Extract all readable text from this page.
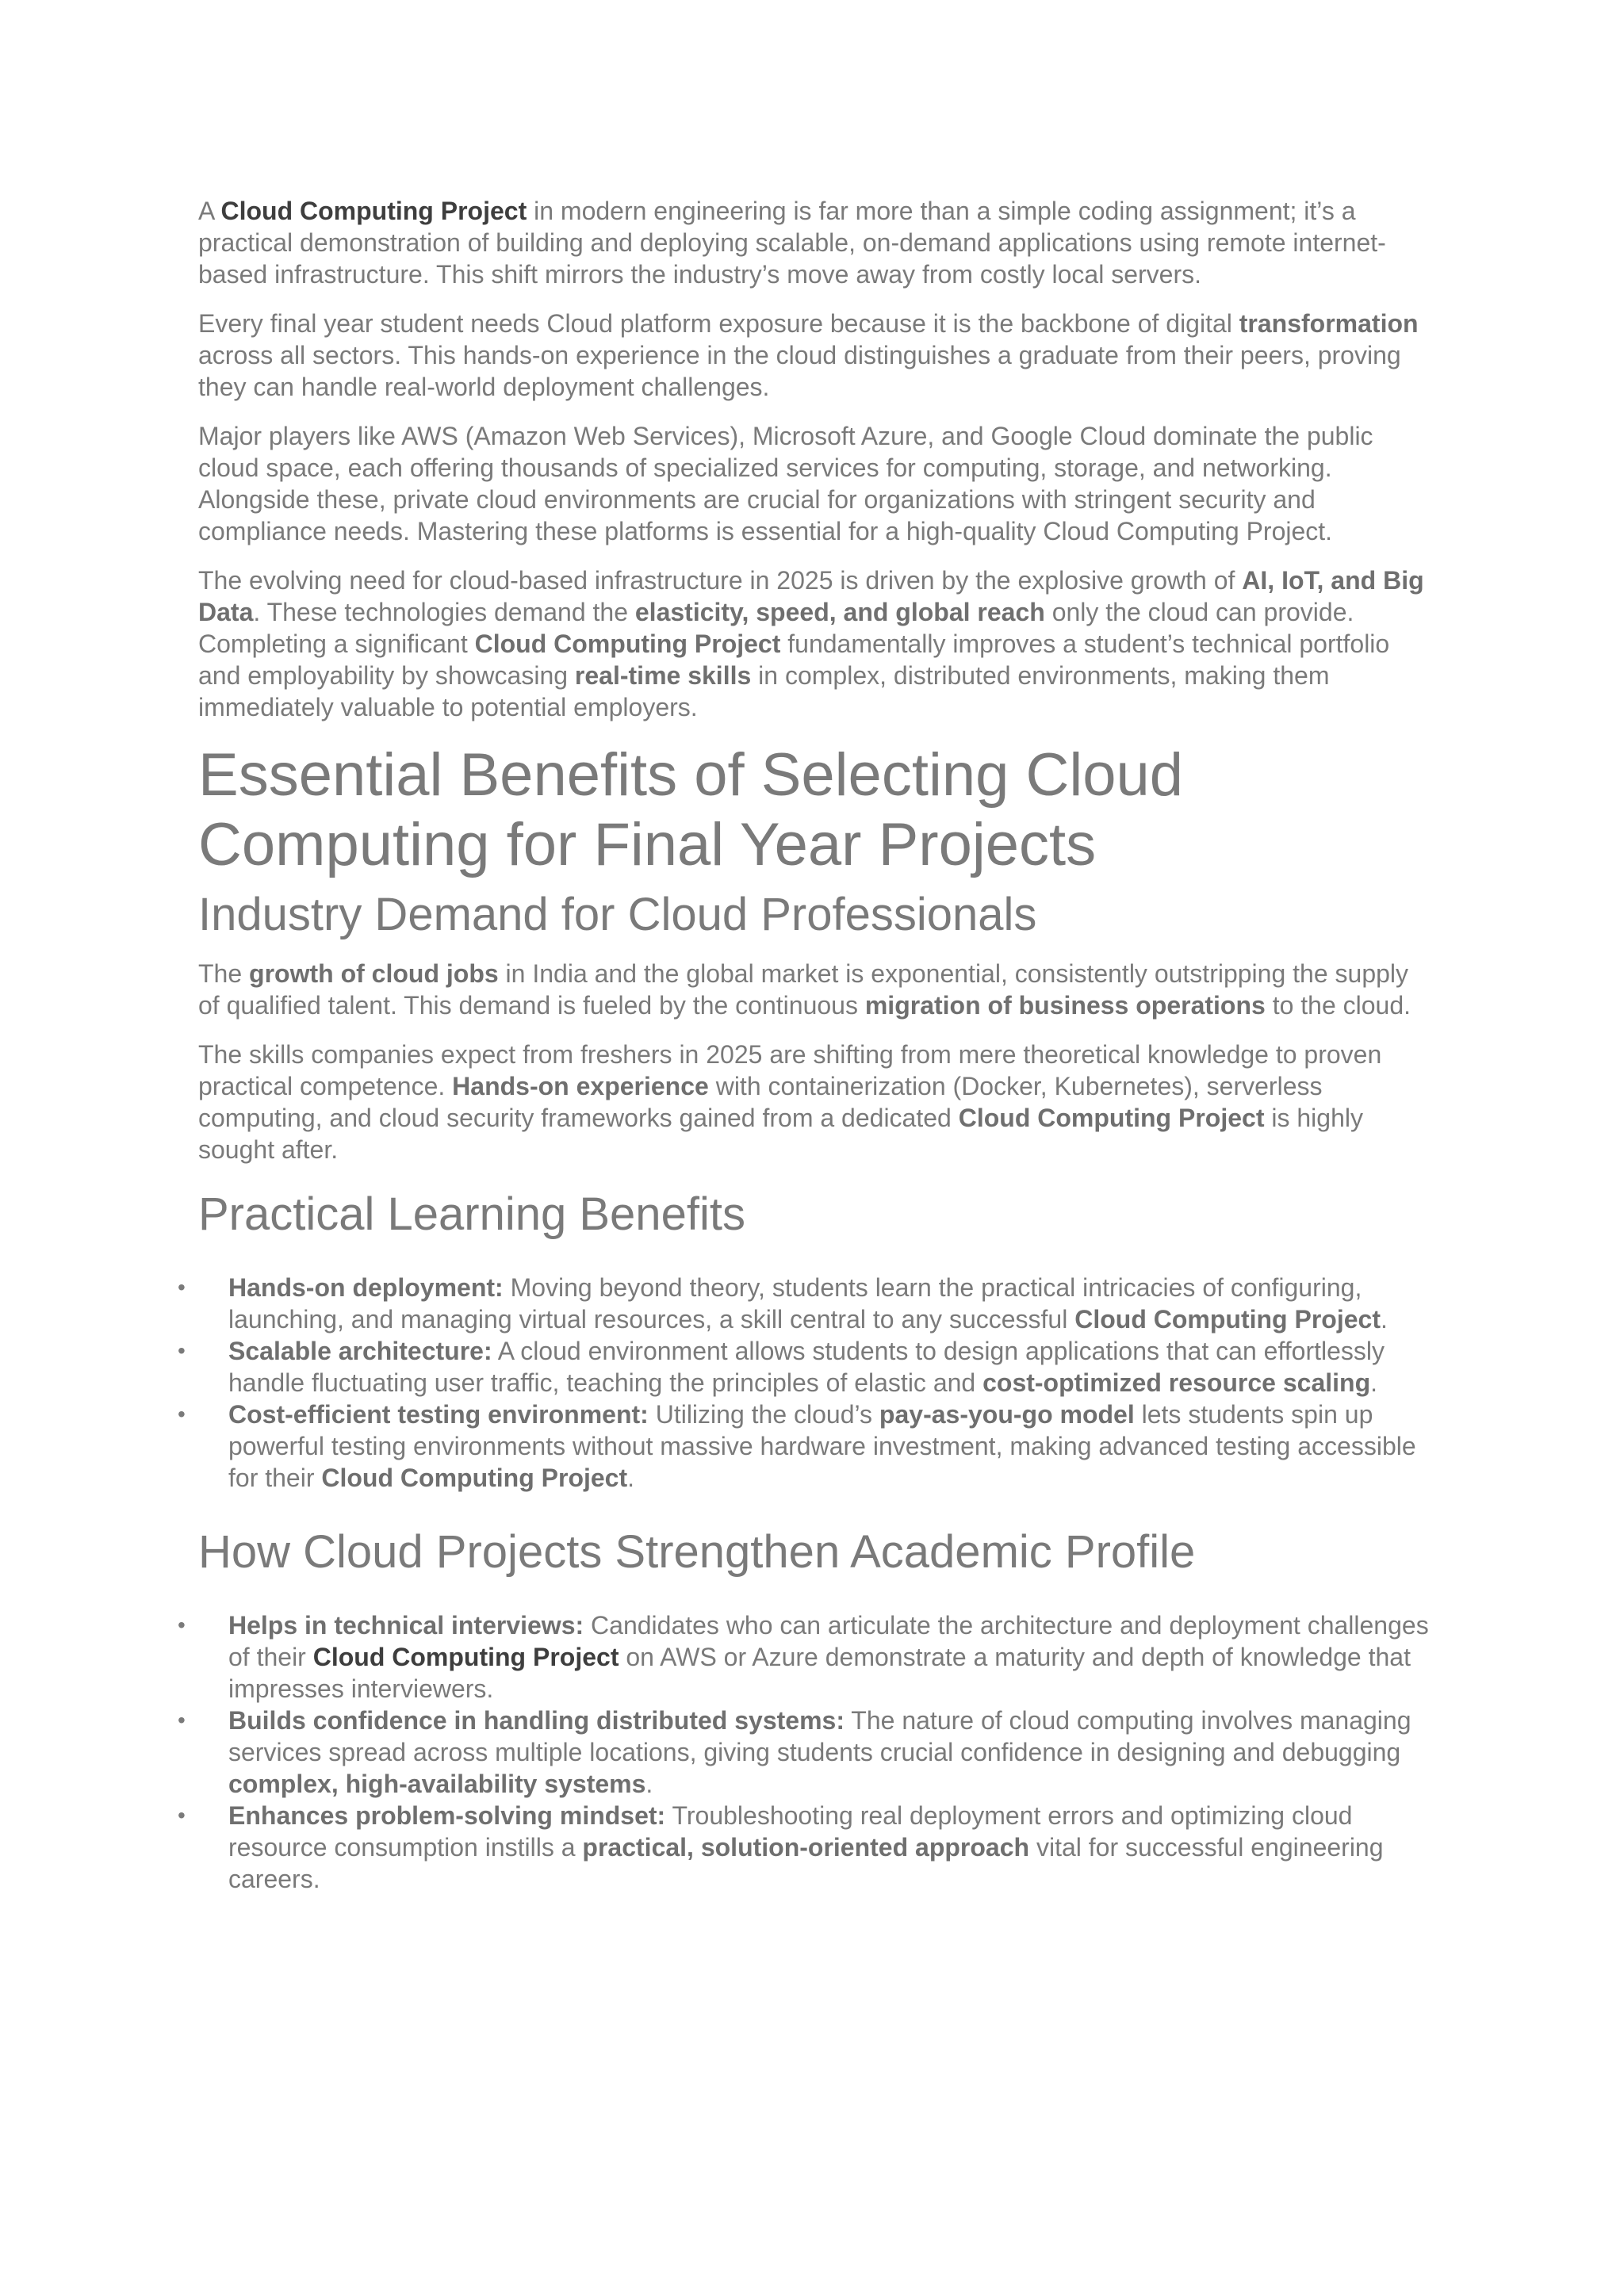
A Cloud Computing Project in modern engineering is far more than a simple coding assignment; it’s a practical demonstration of building and deploying scalable, on-demand applications using remote internet-based infrastructure. This shift mirrors the industry’s move away from costly local servers.

Every final year student needs Cloud platform exposure because it is the backbone of digital transformation across all sectors. This hands-on experience in the cloud distinguishes a graduate from their peers, proving they can handle real-world deployment challenges.

Major players like AWS (Amazon Web Services), Microsoft Azure, and Google Cloud dominate the public cloud space, each offering thousands of specialized services for computing, storage, and networking. Alongside these, private cloud environments are crucial for organizations with stringent security and compliance needs. Mastering these platforms is essential for a high-quality Cloud Computing Project.

The evolving need for cloud-based infrastructure in 2025 is driven by the explosive growth of AI, IoT, and Big Data. These technologies demand the elasticity, speed, and global reach only the cloud can provide. Completing a significant Cloud Computing Project fundamentally improves a student’s technical portfolio and employability by showcasing real-time skills in complex, distributed environments, making them immediately valuable to potential employers.

Essential Benefits of Selecting Cloud Computing for Final Year Projects
Industry Demand for Cloud Professionals

The growth of cloud jobs in India and the global market is exponential, consistently outstripping the supply of qualified talent. This demand is fueled by the continuous migration of business operations to the cloud.

The skills companies expect from freshers in 2025 are shifting from mere theoretical knowledge to proven practical competence. Hands-on experience with containerization (Docker, Kubernetes), serverless computing, and cloud security frameworks gained from a dedicated Cloud Computing Project is highly sought after.

Practical Learning Benefits
• Hands-on deployment: Moving beyond theory, students learn the practical intricacies of configuring, launching, and managing virtual resources, a skill central to any successful Cloud Computing Project.
• Scalable architecture: A cloud environment allows students to design applications that can effortlessly handle fluctuating user traffic, teaching the principles of elastic and cost-optimized resource scaling.
• Cost-efficient testing environment: Utilizing the cloud’s pay-as-you-go model lets students spin up powerful testing environments without massive hardware investment, making advanced testing accessible for their Cloud Computing Project.
How Cloud Projects Strengthen Academic Profile
• Helps in technical interviews: Candidates who can articulate the architecture and deployment challenges of their Cloud Computing Project on AWS or Azure demonstrate a maturity and depth of knowledge that impresses interviewers.
• Builds confidence in handling distributed systems: The nature of cloud computing involves managing services spread across multiple locations, giving students crucial confidence in designing and debugging complex, high-availability systems.
• Enhances problem-solving mindset: Troubleshooting real deployment errors and optimizing cloud resource consumption instills a practical, solution-oriented approach vital for successful engineering careers.
